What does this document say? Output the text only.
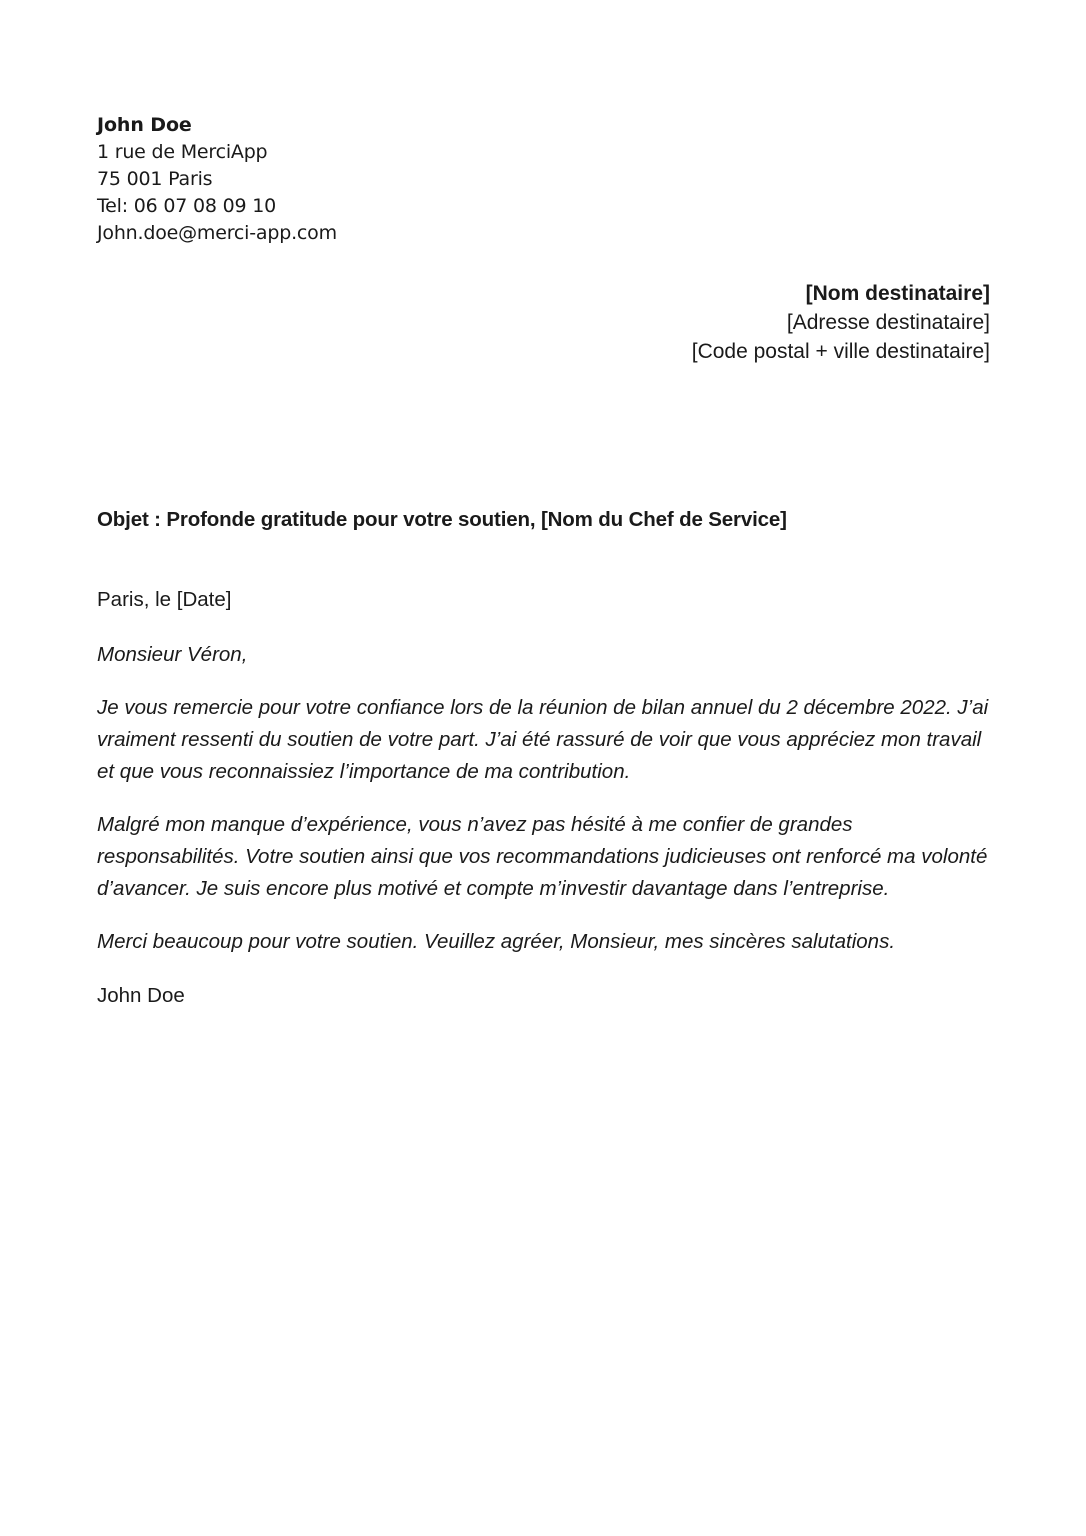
John Doe
1 rue de MerciApp
75 001 Paris
Tel: 06 07 08 09 10
John.doe@merci-app.com
[Nom destinataire]
[Adresse destinataire]
[Code postal + ville destinataire]
Objet : Profonde gratitude pour votre soutien, [Nom du Chef de Service]
Paris, le [Date]
Monsieur Véron,
Je vous remercie pour votre confiance lors de la réunion de bilan annuel du 2 décembre 2022. J’ai vraiment ressenti du soutien de votre part. J’ai été rassuré de voir que vous appréciez mon travail et que vous reconnaissiez l’importance de ma contribution.
Malgré mon manque d’expérience, vous n’avez pas hésité à me confier de grandes responsabilités. Votre soutien ainsi que vos recommandations judicieuses ont renforcé ma volonté d’avancer. Je suis encore plus motivé et compte m’investir davantage dans l’entreprise.
Merci beaucoup pour votre soutien. Veuillez agréer, Monsieur, mes sincères salutations.
John Doe
